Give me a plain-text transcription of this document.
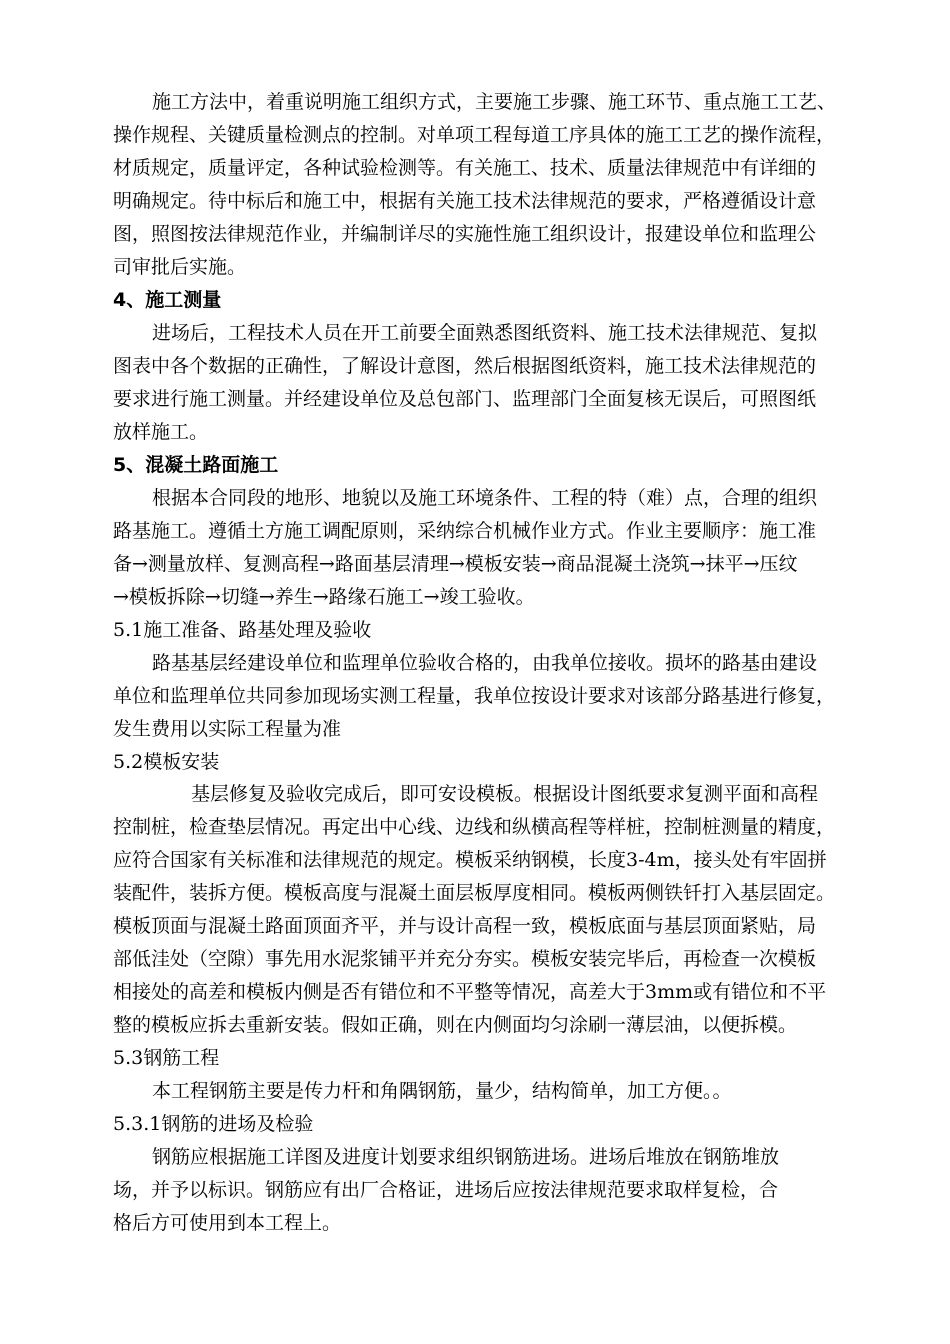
施工方法中，着重说明施工组织方式，主要施工步骤、施工环节、重点施工工艺、
操作规程、关键质量检测点的控制。对单项工程每道工序具体的施工工艺的操作流程，
材质规定，质量评定，各种试验检测等。有关施工、技术、质量法律规范中有详细的
明确规定。待中标后和施工中，根据有关施工技术法律规范的要求，严格遵循设计意
图，照图按法律规范作业，并编制详尽的实施性施工组织设计，报建设单位和监理公
司审批后实施。
4、施工测量
进场后，工程技术人员在开工前要全面熟悉图纸资料、施工技术法律规范、复拟
图表中各个数据的正确性，了解设计意图，然后根据图纸资料，施工技术法律规范的
要求进行施工测量。并经建设单位及总包部门、监理部门全面复核无误后，可照图纸
放样施工。
5、混凝土路面施工
根据本合同段的地形、地貌以及施工环境条件、工程的特（难）点，合理的组织
路基施工。遵循土方施工调配原则，采纳综合机械作业方式。作业主要顺序：施工准
备→测量放样、复测高程→路面基层清理→模板安装→商品混凝土浇筑→抹平→压纹
→模板拆除→切缝→养生→路缘石施工→竣工验收。
5.1施工准备、路基处理及验收
路基基层经建设单位和监理单位验收合格的，由我单位接收。损坏的路基由建设
单位和监理单位共同参加现场实测工程量，我单位按设计要求对该部分路基进行修复，
发生费用以实际工程量为准
5.2模板安装
基层修复及验收完成后，即可安设模板。根据设计图纸要求复测平面和高程
控制桩，检查垫层情况。再定出中心线、边线和纵横高程等样桩，控制桩测量的精度，
应符合国家有关标准和法律规范的规定。模板采纳钢模，长度3-4m，接头处有牢固拼
装配件，装拆方便。模板高度与混凝土面层板厚度相同。模板两侧铁钎打入基层固定。
模板顶面与混凝土路面顶面齐平，并与设计高程一致，模板底面与基层顶面紧贴，局
部低洼处（空隙）事先用水泥浆铺平并充分夯实。模板安装完毕后，再检查一次模板
相接处的高差和模板内侧是否有错位和不平整等情况，高差大于3mm或有错位和不平
整的模板应拆去重新安装。假如正确，则在内侧面均匀涂刷一薄层油，以便拆模。
5.3钢筋工程
本工程钢筋主要是传力杆和角隅钢筋，量少，结构简单，加工方便。。
5.3.1钢筋的进场及检验
钢筋应根据施工详图及进度计划要求组织钢筋进场。进场后堆放在钢筋堆放
场，并予以标识。钢筋应有出厂合格证，进场后应按法律规范要求取样复检，合
格后方可使用到本工程上。
